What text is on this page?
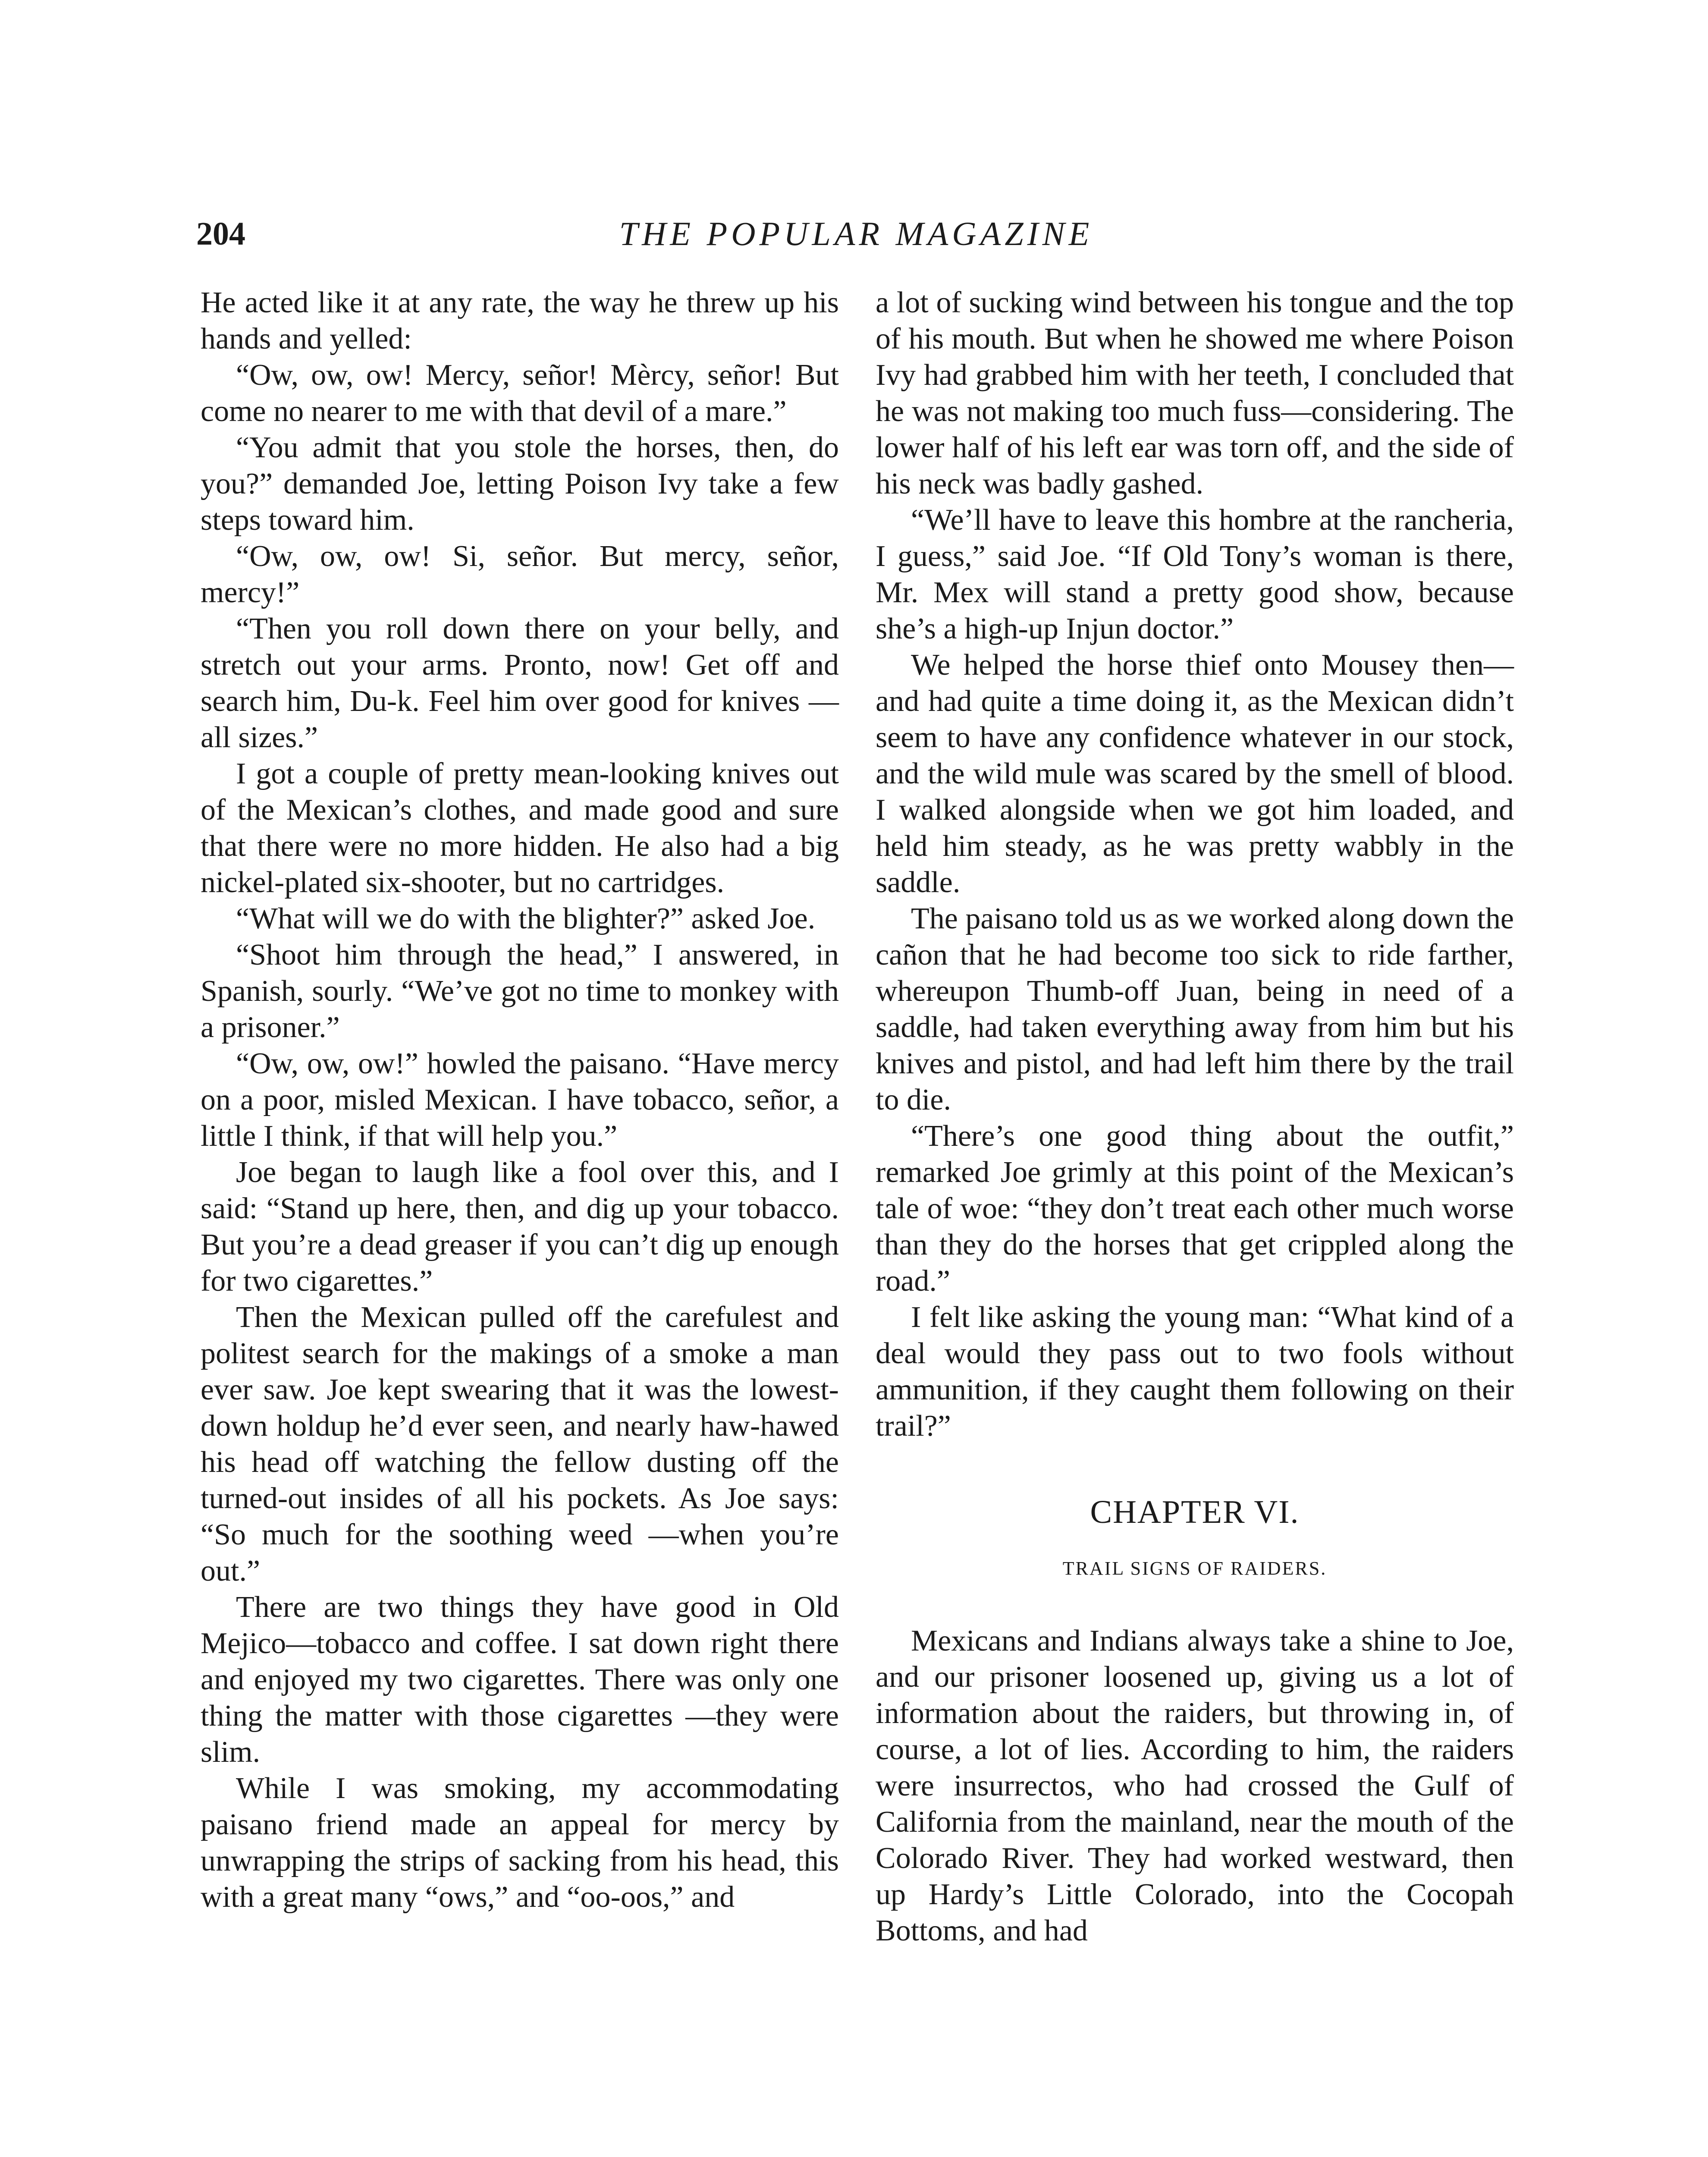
204	THE POPULAR MAGAZINE

He acted like it at any rate, the way he threw up his hands and yelled:

“Ow, ow, ow! Mercy, señor! Mèrcy, señor! But come no nearer to me with that devil of a mare.”

“You admit that you stole the horses, then, do you?” demanded Joe, letting Poison Ivy take a few steps toward him.

“Ow, ow, ow! Si, señor. But mercy, señor, mercy!”

“Then you roll down there on your belly, and stretch out your arms. Pronto, now! Get off and search him, Du-k. Feel him over good for knives —all sizes.”

I got a couple of pretty mean-looking knives out of the Mexican’s clothes, and made good and sure that there were no more hidden. He also had a big nickel-plated six-shooter, but no cartridges.

“What will we do with the blighter?” asked Joe.

“Shoot him through the head,” I answered, in Spanish, sourly. “We’ve got no time to monkey with a prisoner.”

“Ow, ow, ow!” howled the paisano. “Have mercy on a poor, misled Mexican. I have tobacco, señor, a little I think, if that will help you.”

Joe began to laugh like a fool over this, and I said: “Stand up here, then, and dig up your tobacco. But you’re a dead greaser if you can’t dig up enough for two cigarettes.”

Then the Mexican pulled off the carefulest and politest search for the makings of a smoke a man ever saw. Joe kept swearing that it was the lowest-down holdup he’d ever seen, and nearly haw-hawed his head off watching the fellow dusting off the turned-out insides of all his pockets. As Joe says: “So much for the soothing weed —when you’re out.”

There are two things they have good in Old Mejico—tobacco and coffee. I sat down right there and enjoyed my two cigarettes. There was only one thing the matter with those cigarettes —they were slim.

While I was smoking, my accommodating paisano friend made an appeal for mercy by unwrapping the strips of sacking from his head, this with a great many “ows,” and “oo-oos,” and

a lot of sucking wind between his tongue and the top of his mouth. But when he showed me where Poison Ivy had grabbed him with her teeth, I concluded that he was not making too much fuss—considering. The lower half of his left ear was torn off, and the side of his neck was badly gashed.

“We’ll have to leave this hombre at the rancheria, I guess,” said Joe. “If Old Tony’s woman is there, Mr. Mex will stand a pretty good show, because she’s a high-up Injun doctor.”

We helped the horse thief onto Mousey then—and had quite a time doing it, as the Mexican didn’t seem to have any confidence whatever in our stock, and the wild mule was scared by the smell of blood. I walked alongside when we got him loaded, and held him steady, as he was pretty wabbly in the saddle.

The paisano told us as we worked along down the cañon that he had become too sick to ride farther, whereupon Thumb-off Juan, being in need of a saddle, had taken everything away from him but his knives and pistol, and had left him there by the trail to die.

“There’s one good thing about the outfit,” remarked Joe grimly at this point of the Mexican’s tale of woe: “they don’t treat each other much worse than they do the horses that get crippled along the road.”

I felt like asking the young man: “What kind of a deal would they pass out to two fools without ammunition, if they caught them following on their trail?”

CHAPTER VI.
TRAIL SIGNS OF RAIDERS.

Mexicans and Indians always take a shine to Joe, and our prisoner loosened up, giving us a lot of information about the raiders, but throwing in, of course, a lot of lies. According to him, the raiders were insurrectos, who had crossed the Gulf of California from the mainland, near the mouth of the Colorado River. They had worked westward, then up Hardy’s Little Colorado, into the Cocopah Bottoms, and had
